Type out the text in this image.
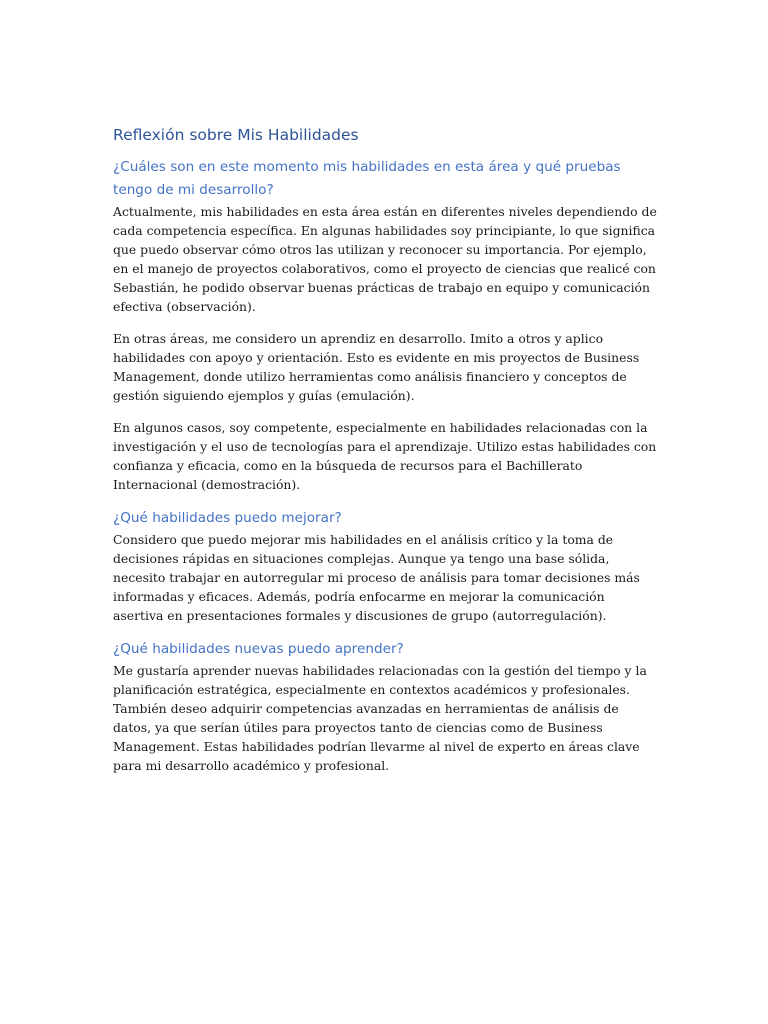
Reflexión sobre Mis Habilidades
¿Cuáles son en este momento mis habilidades en esta área y qué pruebas tengo de mi desarrollo?

Actualmente, mis habilidades en esta área están en diferentes niveles dependiendo de cada competencia específica. En algunas habilidades soy principiante, lo que significa que puedo observar cómo otros las utilizan y reconocer su importancia. Por ejemplo, en el manejo de proyectos colaborativos, como el proyecto de ciencias que realicé con Sebastián, he podido observar buenas prácticas de trabajo en equipo y comunicación efectiva (observación).

En otras áreas, me considero un aprendiz en desarrollo. Imito a otros y aplico habilidades con apoyo y orientación. Esto es evidente en mis proyectos de Business Management, donde utilizo herramientas como análisis financiero y conceptos de gestión siguiendo ejemplos y guías (emulación).

En algunos casos, soy competente, especialmente en habilidades relacionadas con la investigación y el uso de tecnologías para el aprendizaje. Utilizo estas habilidades con confianza y eficacia, como en la búsqueda de recursos para el Bachillerato Internacional (demostración).

¿Qué habilidades puedo mejorar?

Considero que puedo mejorar mis habilidades en el análisis crítico y la toma de decisiones rápidas en situaciones complejas. Aunque ya tengo una base sólida, necesito trabajar en autorregular mi proceso de análisis para tomar decisiones más informadas y eficaces. Además, podría enfocarme en mejorar la comunicación asertiva en presentaciones formales y discusiones de grupo (autorregulación).

¿Qué habilidades nuevas puedo aprender?

Me gustaría aprender nuevas habilidades relacionadas con la gestión del tiempo y la planificación estratégica, especialmente en contextos académicos y profesionales. También deseo adquirir competencias avanzadas en herramientas de análisis de datos, ya que serían útiles para proyectos tanto de ciencias como de Business Management. Estas habilidades podrían llevarme al nivel de experto en áreas clave para mi desarrollo académico y profesional.
